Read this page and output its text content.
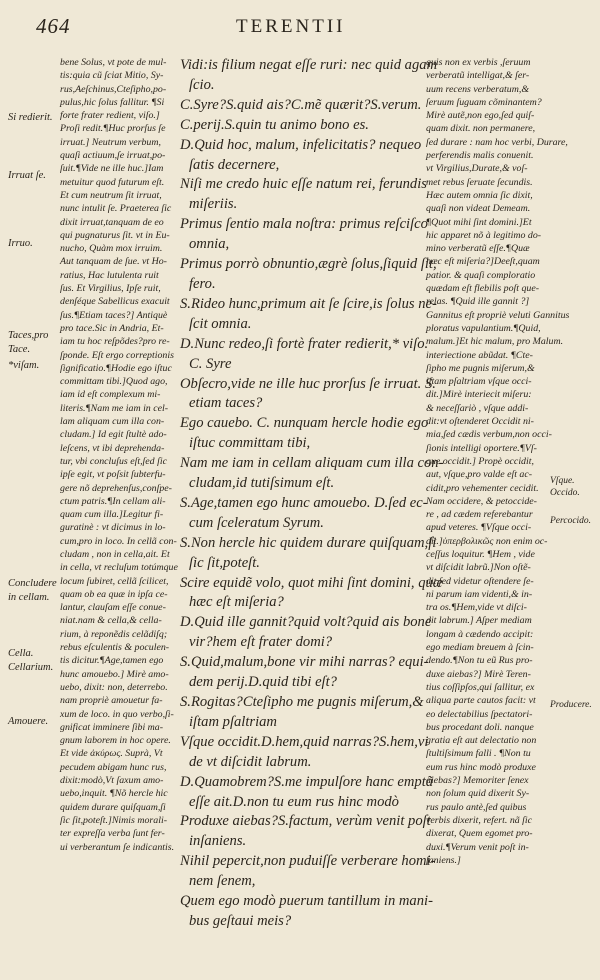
464	TERENTII
bene Solus, vt pote de mul-
tis:quia cũ ſciat Mitio, Sy-
rus,Aeſchinus,Cteſipho,po-
pulus,hic ſolus fallitur. ¶Si
forte frater redient, viſo.]
Proſi redit.¶Huc prorſus ſe
irruat.] Neutrum verbum,
quaſi actiuum,ſe irruat,po-
ſuit.¶Vide ne ille huc.]Iam
metuitur quod futurum eſt.
Et cum neutrum ſit irruat,
nunc intulit ſe. Praeterea ſic
dixit irruat,tanquam de eo
qui pugnaturus ſit. vt in Eu-
nucho, Quàm mox irruim.
Aut tanquam de ſue. vt Ho-
ratius, Hac lutulenta ruit
ſus. Et Virgilius, Ipſe ruit,
denſéque Sabellicus exacuit
ſus.¶Etiam taces?] Antiquè
pro tace.Sic in Andria, Et-
iam tu hoc reſpõdes?pro re-
ſponde. Eſt ergo correptionis
ſignificatio.¶Hodie ego iſtuc
committam tibi.]Quod ago,
iam id eſt complexum mi-
literis.¶Nam me iam in cel-
lam aliquam cum illa con-
cludam.] Id egit ſtultè ado-
leſcens, vt ibi deprehenda-
tur, vbi concluſus eſt,ſed ſic
ipſe egit, vt poſsit ſubterfu-
gere nõ deprehenſus,conſpe-
ctum patris.¶In cellam ali-
quam cum illa.]Legitur fi-
guratinè : vt dicimus in lo-
cum,pro in loco. In cellã con-
cludam , non in cella,ait. Et
in cella, vt recluſum totúmque
locum ſubiret, cellã ſcilicet,
quam ob ea quæ in ipſa ce-
lantur, clauſam eſſe conue-
niat.nam & cella,& cella-
rium, à reponẽdis celãdiſq;
rebus eſculentis & poculen-
tis dicitur.¶Age,tamen ego
hunc amouebo.] Mirè amo-
uebo, dixit: non, deterrebo.
nam propriè amouetur fa-
xum de loco. in quo verbo,ſi-
gnificat imminere ſibi ma-
gnum laborem in hoc opere.
Et vide ἀκύρως. Suprà, Vt
pecudem abigam hunc rus,
dixit:modò,Vt ſaxum amo-
uebo,inquit. ¶Nõ hercle hic
quidem durare quiſquam,ſi
ſic ſit,poteſt.]Nimis morali-
ter expreſſa verba ſunt fer-
ui verberantum ſe indicantis.
Vidi:is filium negat eſſe ruri: nec quid agam
ſcio.
C.Syre?S.quid ais?C.mẽ quærit?S.verum.
C.perij.S.quin tu animo bono es.
D.Quid hoc, malum, infelicitatis? nequeo
ſatis decernere,
Niſi me credo huic eſſe natum rei, ferundis
miſeriis.
Primus ſentio mala noſtra: primus reſciſco
omnia,
Primus porrò obnuntio,ægrè ſolus,ſiquid ſit,
fero.
S.Rideo hunc,primum ait ſe ſcire,is ſolus ne-
ſcit omnia.
D.Nunc redeo,ſi fortè frater redierit,* viſo.
C. Syre
Obſecro,vide ne ille huc prorſus ſe irruat. S.
etiam taces?
Ego cauebo. C. nunquam hercle hodie ego
iſtuc committam tibi,
Nam me iam in cellam aliquam cum illa con-
cludam,id tutiſsimum eſt.
S.Age,tamen ego hunc amouebo. D.ſed ec-
cum ſceleratum Syrum.
S.Non hercle hic quidem durare quiſquam,ſi
ſic ſit,poteſt.
Scire equidẽ volo, quot mihi ſint domini, quæ
hæc eſt miſeria?
D.Quid ille gannit?quid volt?quid ais bone
vir?hem eſt frater domi?
S.Quid,malum,bone vir mihi narras? equi-
dem perij.D.quid tibi eſt?
S.Rogitas?Cteſipho me pugnis miſerum,&
iſtam pſaltriam
Vſque occidit.D.hem,quid narras?S.hem,vi
de vt diſcidit labrum.
D.Quamobrem?S.me impulſore hanc emptã
eſſe ait.D.non tu eum rus hinc modò
Produxe aiebas?S.factum, verùm venit poſt
inſaniens.
Nihil pepercit,non puduiſſe verberare homi-
nem ſenem,
Quem ego modò puerum tantillum in mani-
bus geſtaui meis?
quis non ex verbis ,ſeruum
verberatũ intelligat,& ſer-
uum recens verberatum,&
ſeruum ſuguam cõminantem?
Mirè autẽ,non ego,ſed quiſ-
quam dixit. non permanere,
ſed durare : nam hoc verbi, Durare,
perferendis malis conuenit.
vt Virgilius,Durate,& voſ-
met rebus ſeruate ſecundis.
Hæc autem omnia ſic dixit,
quaſi non videat Demeam.
¶Quot mihi ſint domini.]Et
hic apparet nõ à legitimo do-
mino verberatũ eſſe.¶Quæ
hæc eſt miſeria?]Deeſt,quam
patior. & quaſi comploratio
quædam eſt flebilis poſt que-
relas. ¶Quid ille gannit ?]
Gannitus eſt propriè veluti Gannitus
ploratus vapulantium.¶Quid,
malum.]Et hic malum, pro Malum.
interiectione abũdat. ¶Cte-
ſipho me pugnis miſerum,&
iſtam pſaltriam vſque occi-
dit.]Mirè interiecit miſeru:
& neceſſariò , vſque addi-
dit:vt oſtenderet Occidit ni-
mia,ſed cædis verbum,non occi-
ſionis intelligi oportere.¶Vſ-
que occidit.] Propè occidit,
aut, vſque,pro valde eſt ac-
cidit,pro vehementer cecidit.
Nam occidere, & petoccide-
re , ad cædem referebantur
apud veteres. ¶Vſque occi-
dit.]ὑπερβολικῶς non enim oc-
ceſſus loquitur. ¶Hem , vide
vt diſcidit labrũ.]Non oſtẽ-
dit,ſed videtur oſtendere ſe-
ni parum iam videnti,& in-
tra os.¶Hem,vide vt diſci-
dit labrum.] Aſper mediam
longam à cædendo accipit:
ego mediam breuem à ſcin-
dendo.¶Non tu eũ Rus pro-
duxe aiebas?] Mirè Teren-
tius coſſipſos,qui ſallitur, ex
aliqua parte cautos facit: vt
eo delectabilius ſpectatori-
bus procedant doli. nanque
gratia eſt aut delectatio non
ſtultiſsimum falli . ¶Non tu
eum rus hinc modò produxe
aiebas?] Memoriter ſenex
non ſolum quid dixerit Sy-
rus paulo antè,ſed quibus
verbis dixerit, refert. nã ſic
dixerat, Quem egomet pro-
duxi.¶Verum venit poſt in-
ſaniens.]
Si redierit.
Irruat ſe.
Irruo.
Taces,pro
Tace.
*viſam.
Concludere
in cellam.
Cella.
Cellarium.
Amouere.
Vſque.
Occido.
Percocido.
Producere.
